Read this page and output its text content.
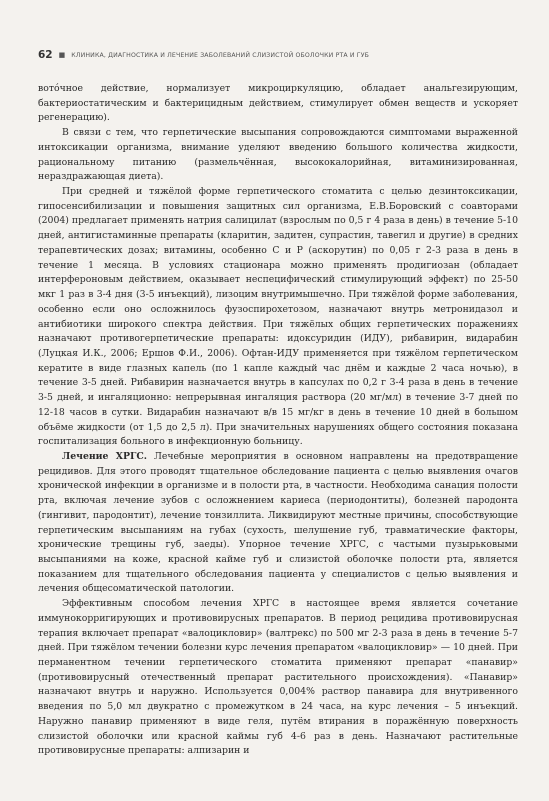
62 ■ КЛИНИКА, ДИАГНОСТИКА И ЛЕЧЕНИЕ ЗАБОЛЕВАНИЙ СЛИЗИСТОЙ ОБОЛОЧКИ РТА И ГУБ

вотóчное действие, нормализует микроциркуляцию, обладает анальгезирующим, бактериостатическим и бактерицидным действием, стимулирует обмен веществ и ускоряет регенерацию).

В связи с тем, что герпетические высыпания сопровождаются симптомами выраженной интоксикации организма, внимание уделяют введению большого количества жидкости, рациональному питанию (размельчённая, высококалорийная, витаминизированная, нераздражающая диета).

При средней и тяжёлой форме герпетического стоматита с целью дезинтоксикации, гипосенсибилизации и повышения защитных сил организма, Е.В.Боровский с соавторами (2004) предлагает применять натрия салицилат (взрослым по 0,5 г 4 раза в день) в течение 5-10 дней, антигистаминные препараты (кларитин, задитен, супрастин, тавегил и другие) в средних терапевтических дозах; витамины, особенно С и Р (аскорутин) по 0,05 г 2-3 раза в день в течение 1 месяца. В условиях стационара можно применять продигиозан (обладает интерфероновым действием, оказывает неспецифический стимулирующий эффект) по 25-50 мкг 1 раз в 3-4 дня (3-5 инъекций), лизоцим внутримышечно. При тяжёлой форме заболевания, особенно если оно осложнилось фузоспирохетозом, назначают внутрь метронидазол и антибиотики широкого спектра действия. При тяжёлых общих герпетических поражениях назначают противогерпетические препараты: идоксуридин (ИДУ), рибавирин, видарабин (Луцкая И.К., 2006; Ершов Ф.И., 2006). Офтан-ИДУ применяется при тяжёлом герпетическом кератите в виде глазных капель (по 1 капле каждый час днём и каждые 2 часа ночью), в течение 3-5 дней. Рибавирин назначается внутрь в капсулах по 0,2 г 3-4 раза в день в течение 3-5 дней, и ингаляционно: непрерывная ингаляция раствора (20 мг/мл) в течение 3-7 дней по 12-18 часов в сутки. Видарабин назначают в/в 15 мг/кг в день в течение 10 дней в большом объёме жидкости (от 1,5 до 2,5 л). При значительных нарушениях общего состояния показана госпитализация больного в инфекционную больницу.

Лечение ХРГС. Лечебные мероприятия в основном направлены на предотвращение рецидивов. Для этого проводят тщательное обследование пациента с целью выявления очагов хронической инфекции в организме и в полости рта, в частности. Необходима санация полости рта, включая лечение зубов с осложнением кариеса (периодонтиты), болезней пародонта (гингивит, пародонтит), лечение тонзиллита. Ликвидируют местные причины, способствующие герпетическим высыпаниям на губах (сухость, шелушение губ, травматические факторы, хронические трещины губ, заеды). Упорное течение ХРГС, с частыми пузырьковыми высыпаниями на коже, красной кайме губ и слизистой оболочке полости рта, является показанием для тщательного обследования пациента у специалистов с целью выявления и лечения общесоматической патологии.

Эффективным способом лечения ХРГС в настоящее время является сочетание иммунокорригирующих и противовирусных препаратов. В период рецидива противовирусная терапия включает препарат «валоцикловир» (валтрекс) по 500 мг 2-3 раза в день в течение 5-7 дней. При тяжёлом течении болезни курс лечения препаратом «валоцикловир» — 10 дней. При перманентном течении герпетического стоматита применяют препарат «панавир» (противовирусный отечественный препарат растительного происхождения). «Панавир» назначают внутрь и наружно. Используется 0,004% раствор панавира для внутривенного введения по 5,0 мл двукратно с промежутком в 24 часа, на курс лечения – 5 инъекций. Наружно панавир применяют в виде геля, путём втирания в поражённую поверхность слизистой оболочки или красной каймы губ 4-6 раз в день. Назначают растительные противовирусные препараты: алпизарин и
